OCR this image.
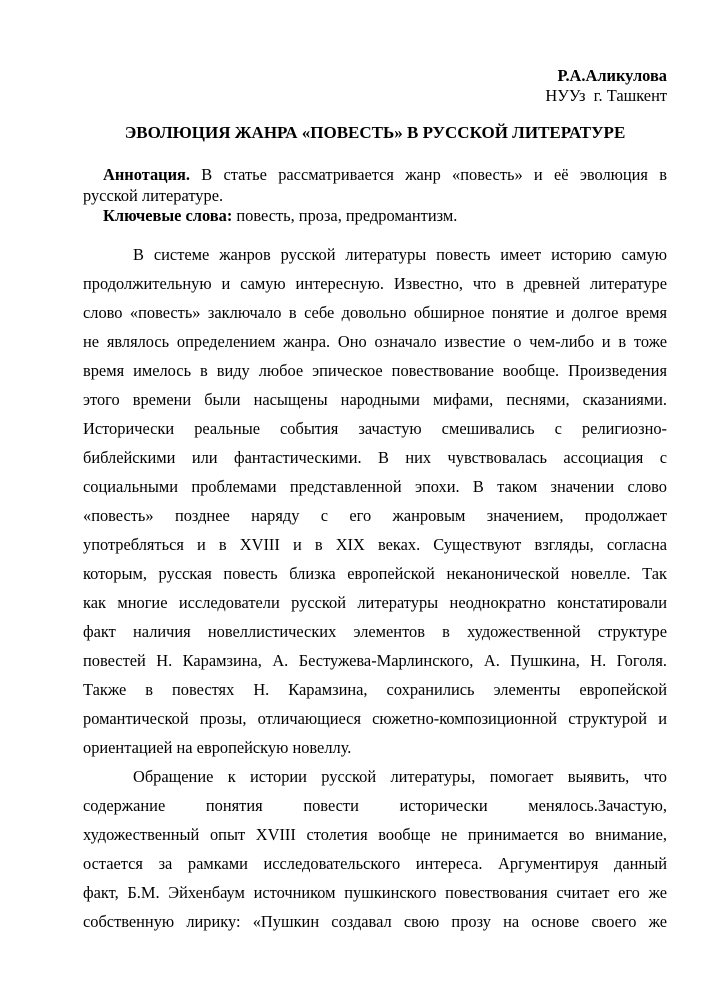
Р.А.Аликулова
НУУз  г. Ташкент
ЭВОЛЮЦИЯ ЖАНРА «ПОВЕСТЬ» В РУССКОЙ ЛИТЕРАТУРЕ
Аннотация. В статье рассматривается жанр «повесть» и её эволюция в
русской литературе.
Ключевые слова: повесть, проза, предромантизм.
В системе жанров русской литературы повесть имеет историю самую
продолжительную и самую интересную. Известно, что в древней литературе
слово «повесть» заключало в себе довольно обширное понятие и долгое время
не являлось определением жанра. Оно означало известие о чем-либо и в тоже
время имелось в виду любое эпическое повествование вообще. Произведения
этого времени были насыщены народными мифами, песнями, сказаниями.
Исторически реальные события зачастую смешивались с религиозно-
библейскими или фантастическими. В них чувствовалась ассоциация с
социальными проблемами представленной эпохи. В таком значении слово
«повесть» позднее наряду с его жанровым значением, продолжает
употребляться и в XVIII и в XIX веках. Существуют взгляды, согласна
которым, русская повесть близка европейской неканонической новелле. Так
как многие исследователи русской литературы неоднократно констатировали
факт наличия новеллистических элементов в художественной структуре
повестей Н. Карамзина, А. Бестужева-Марлинского, А. Пушкина, Н. Гоголя.
Также в повестях Н. Карамзина, сохранились элементы европейской
романтической прозы, отличающиеся сюжетно-композиционной структурой и
ориентацией на европейскую новеллу.
Обращение к истории русской литературы, помогает выявить, что
содержание понятия повести исторически менялось.Зачастую,
художественный опыт XVIII столетия вообще не принимается во внимание,
остается за рамками исследовательского интереса. Аргументируя данный
факт, Б.М. Эйхенбаум источником пушкинского повествования считает его же
собственную лирику: «Пушкин создавал свою прозу на основе своего же
